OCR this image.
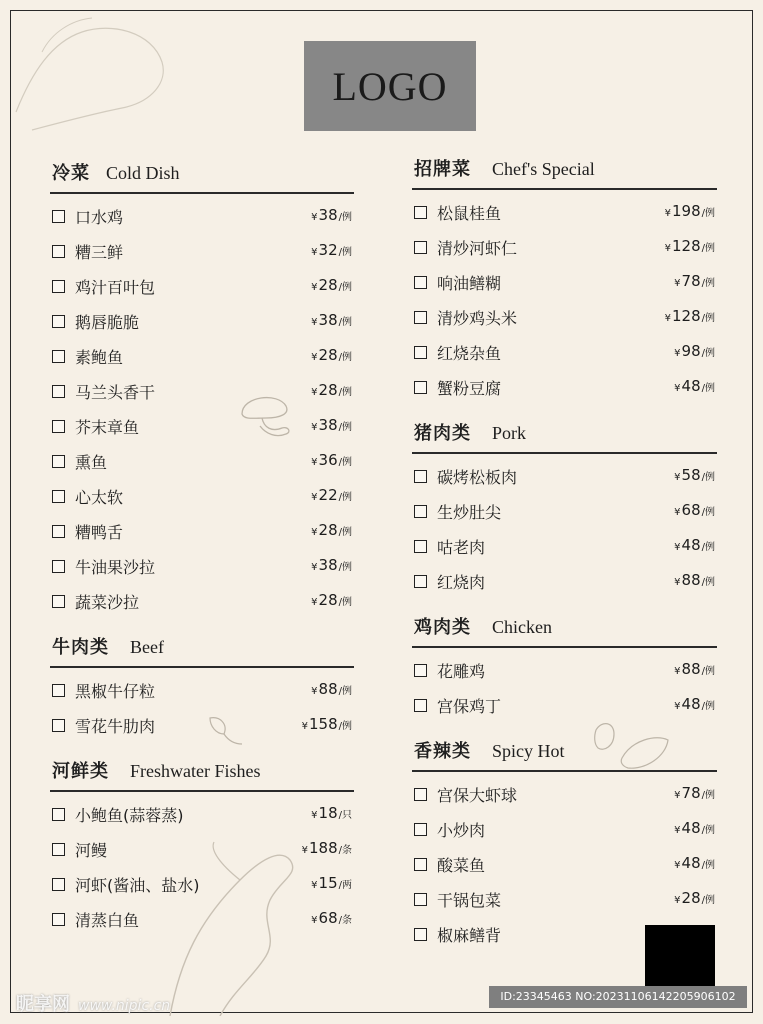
LOGO
冷菜 Cold Dish
口水鸡	¥38/例
糟三鲜	¥32/例
鸡汁百叶包	¥28/例
鹅唇脆脆	¥38/例
素鲍鱼	¥28/例
马兰头香干	¥28/例
芥末章鱼	¥38/例
熏鱼	¥36/例
心太软	¥22/例
糟鸭舌	¥28/例
牛油果沙拉	¥38/例
蔬菜沙拉	¥28/例
牛肉类 Beef
黑椒牛仔粒	¥88/例
雪花牛肋肉	¥158/例
河鲜类 Freshwater Fishes
小鲍鱼(蒜蓉蒸)	¥18/只
河鳗	¥188/条
河虾(酱油、盐水)	¥15/两
清蒸白鱼	¥68/条
招牌菜 Chef's Special
松鼠桂鱼	¥198/例
清炒河虾仁	¥128/例
响油鳝糊	¥78/例
清炒鸡头米	¥128/例
红烧杂鱼	¥98/例
蟹粉豆腐	¥48/例
猪肉类 Pork
碳烤松板肉	¥58/例
生炒肚尖	¥68/例
咕老肉	¥48/例
红烧肉	¥88/例
鸡肉类 Chicken
花雕鸡	¥88/例
宫保鸡丁	¥48/例
香辣类 Spicy Hot
宫保大虾球	¥78/例
小炒肉	¥48/例
酸菜鱼	¥48/例
干锅包菜	¥28/例
椒麻鳝背
昵享网 www.nipic.cn
ID:23345463 NO:20231106142205906102
